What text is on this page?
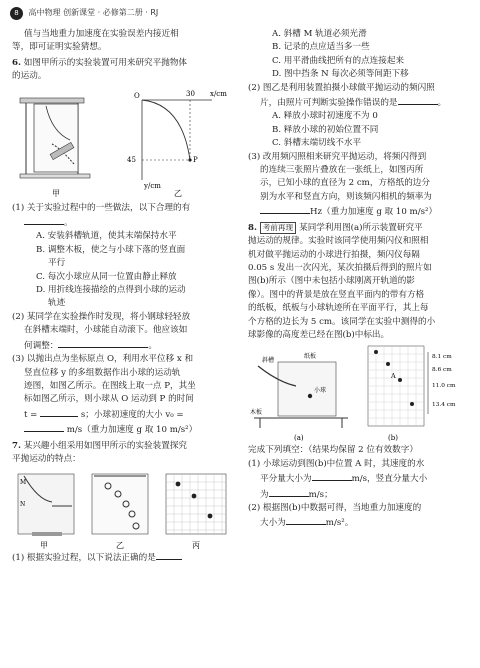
8 高中物理 创新课堂 · 必修第二册 · RJ

值与当地重力加速度在实验误差内接近相

等，即可证明实验猜想。

6. 如图甲所示的实验装置可用来研究平抛物体

的运动。

甲
x/cm
y/cm
O	30
45	P
乙

(1) 关于实验过程中的一些做法，以下合理的有

。

A. 安装斜槽轨道，使其末端保持水平

B. 调整木板，使之与小球下落的竖直面

平行

C. 每次小球应从同一位置由静止释放

D. 用折线连接描绘的点得到小球的运动

轨迹

(2) 某同学在实验操作时发现，将小钢球轻轻放

在斜槽末端时，小球能自动滚下。他应该如

何调整：	。

(3) 以抛出点为坐标原点 O，利用水平位移 x 和

竖直位移 y 的多组数据作出小球的运动轨

迹图，如图乙所示。在图线上取一点 P，其坐

标如图乙所示，则小球从 O 运动到 P 的时间

t =	s；小球初速度的大小 v₀ =

m/s（重力加速度 g 取 10 m/s²）

7. 某兴趣小组采用如图甲所示的实验装置探究

平抛运动的特点：

M
N
甲	乙	丙

(1) 根据实验过程，以下说法正确的是

A. 斜槽 M 轨道必须光滑

B. 记录的点应适当多一些

C. 用平滑曲线把所有的点连接起来

D. 图中挡条 N 每次必须等间距下移

(2) 图乙是利用装置拍摄小球做平抛运动的频闪照

片，由照片可判断实验操作错误的是	。

A. 释放小球时初速度不为 0

B. 释放小球的初始位置不同

C. 斜槽末端切线不水平

(3) 改用频闪照相来研究平抛运动，将频闪得到

的连续三张照片叠放在一张纸上，如图丙所

示，已知小球的直径为 2 cm，方格纸的边分

别为水平和竖直方向，则该频闪相机的频率为

Hz（重力加速度 g 取 10 m/s²）

8. 考前再现 某同学利用图(a)所示装置研究平

抛运动的规律。实验时该同学使用频闪仪和照相

机对做平抛运动的小球进行拍摄，频闪仪每隔

0.05 s 发出一次闪光，某次拍摄后得到的照片如

图(b)所示（图中未包括小球刚离开轨道的影

像）。图中的背景是放在竖直平面内的带有方格

的纸板，纸板与小球轨迹所在平面平行，其上每

个方格的边长为 5 cm。该同学在实验中测得的小

球影像的高度差已经在图(b)中标出。

斜槽
纸板
小球
木板
(a)
A
8.1 cm
8.6 cm
11.0 cm
13.4 cm
(b)

完成下列填空：（结果均保留 2 位有效数字）

(1) 小球运动到图(b)中位置 A 时，其速度的水

平分量大小为	m/s，竖直分量大小

为	m/s；

(2) 根据图(b)中数据可得，当地重力加速度的

大小为	m/s²。
